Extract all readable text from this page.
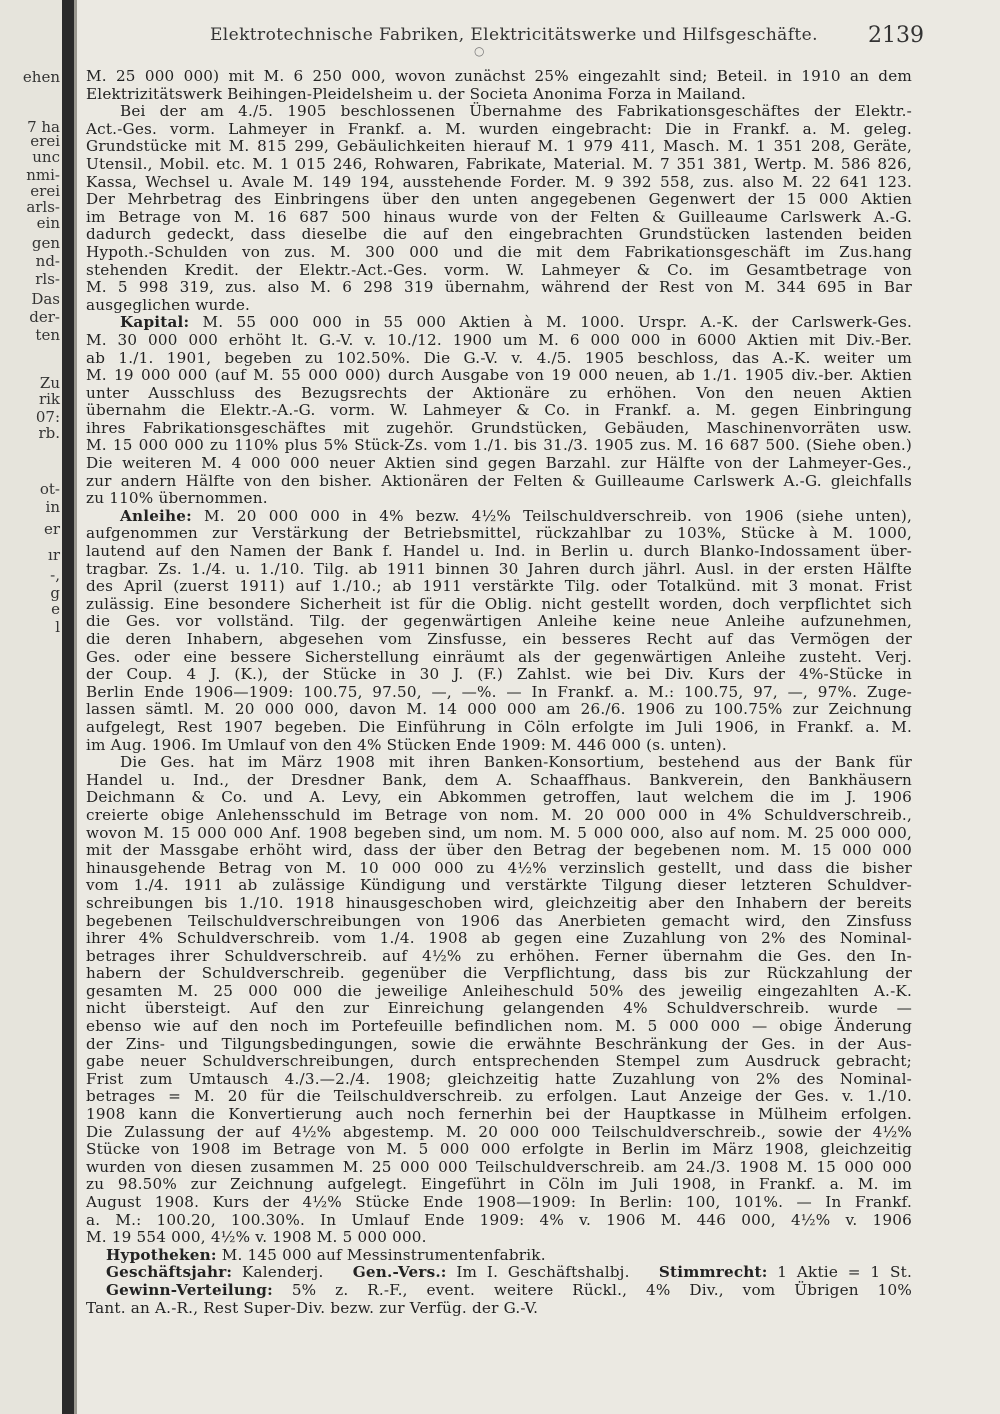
ehen
7 ha
erei
unc
nmi-
erei
arls-
ein
gen
nd-
rls-
Das
der-
ten
Zu
rik
07:
rb.
ot-
in
er
ır
-,
g
e
l
Elektrotechnische Fabriken, Elektricitätswerke und Hilfsgeschäfte. 2139
○
M. 25 000 000) mit M. 6 250 000, wovon zunächst 25% eingezahlt sind; Beteil. in 1910 an dem
Elektrizitätswerk Beihingen-Pleidelsheim u. der Societa Anonima Forza in Mailand.
Bei der am 4./5. 1905 beschlossenen Übernahme des Fabrikationsgeschäftes der Elektr.-
Act.-Ges. vorm. Lahmeyer in Frankf. a. M. wurden eingebracht: Die in Frankf. a. M. geleg.
Grundstücke mit M. 815 299, Gebäulichkeiten hierauf M. 1 979 411, Masch. M. 1 351 208, Geräte,
Utensil., Mobil. etc. M. 1 015 246, Rohwaren, Fabrikate, Material. M. 7 351 381, Wertp. M. 586 826,
Kassa, Wechsel u. Avale M. 149 194, ausstehende Forder. M. 9 392 558, zus. also M. 22 641 123.
Der Mehrbetrag des Einbringens über den unten angegebenen Gegenwert der 15 000 Aktien
im Betrage von M. 16 687 500 hinaus wurde von der Felten & Guilleaume Carlswerk A.-G.
dadurch gedeckt, dass dieselbe die auf den eingebrachten Grundstücken lastenden beiden
Hypoth.-Schulden von zus. M. 300 000 und die mit dem Fabrikationsgeschäft im Zus.hang
stehenden Kredit. der Elektr.-Act.-Ges. vorm. W. Lahmeyer & Co. im Gesamtbetrage von
M. 5 998 319, zus. also M. 6 298 319 übernahm, während der Rest von M. 344 695 in Bar
ausgeglichen wurde.
Kapital: M. 55 000 000 in 55 000 Aktien à M. 1000. Urspr. A.-K. der Carlswerk-Ges.
M. 30 000 000 erhöht lt. G.-V. v. 10./12. 1900 um M. 6 000 000 in 6000 Aktien mit Div.-Ber.
ab 1./1. 1901, begeben zu 102.50%. Die G.-V. v. 4./5. 1905 beschloss, das A.-K. weiter um
M. 19 000 000 (auf M. 55 000 000) durch Ausgabe von 19 000 neuen, ab 1./1. 1905 div.-ber. Aktien
unter Ausschluss des Bezugsrechts der Aktionäre zu erhöhen. Von den neuen Aktien
übernahm die Elektr.-A.-G. vorm. W. Lahmeyer & Co. in Frankf. a. M. gegen Einbringung
ihres Fabrikationsgeschäftes mit zugehör. Grundstücken, Gebäuden, Maschinenvorräten usw.
M. 15 000 000 zu 110% plus 5% Stück-Zs. vom 1./1. bis 31./3. 1905 zus. M. 16 687 500. (Siehe oben.)
Die weiteren M. 4 000 000 neuer Aktien sind gegen Barzahl. zur Hälfte von der Lahmeyer-Ges.,
zur andern Hälfte von den bisher. Aktionären der Felten & Guilleaume Carlswerk A.-G. gleichfalls
zu 110% übernommen.
Anleihe: M. 20 000 000 in 4% bezw. 4½% Teilschuldverschreib. von 1906 (siehe unten),
aufgenommen zur Verstärkung der Betriebsmittel, rückzahlbar zu 103%, Stücke à M. 1000,
lautend auf den Namen der Bank f. Handel u. Ind. in Berlin u. durch Blanko-Indossament über-
tragbar. Zs. 1./4. u. 1./10. Tilg. ab 1911 binnen 30 Jahren durch jährl. Ausl. in der ersten Hälfte
des April (zuerst 1911) auf 1./10.; ab 1911 verstärkte Tilg. oder Totalkünd. mit 3 monat. Frist
zulässig. Eine besondere Sicherheit ist für die Oblig. nicht gestellt worden, doch verpflichtet sich
die Ges. vor vollständ. Tilg. der gegenwärtigen Anleihe keine neue Anleihe aufzunehmen,
die deren Inhabern, abgesehen vom Zinsfusse, ein besseres Recht auf das Vermögen der
Ges. oder eine bessere Sicherstellung einräumt als der gegenwärtigen Anleihe zusteht. Verj.
der Coup. 4 J. (K.), der Stücke in 30 J. (F.) Zahlst. wie bei Div. Kurs der 4%-Stücke in
Berlin Ende 1906—1909: 100.75, 97.50, —, —%. — In Frankf. a. M.: 100.75, 97, —, 97%. Zuge-
lassen sämtl. M. 20 000 000, davon M. 14 000 000 am 26./6. 1906 zu 100.75% zur Zeichnung
aufgelegt, Rest 1907 begeben. Die Einführung in Cöln erfolgte im Juli 1906, in Frankf. a. M.
im Aug. 1906. Im Umlauf von den 4% Stücken Ende 1909: M. 446 000 (s. unten).
Die Ges. hat im März 1908 mit ihren Banken-Konsortium, bestehend aus der Bank für
Handel u. Ind., der Dresdner Bank, dem A. Schaaffhaus. Bankverein, den Bankhäusern
Deichmann & Co. und A. Levy, ein Abkommen getroffen, laut welchem die im J. 1906
creierte obige Anlehensschuld im Betrage von nom. M. 20 000 000 in 4% Schuldverschreib.,
wovon M. 15 000 000 Anf. 1908 begeben sind, um nom. M. 5 000 000, also auf nom. M. 25 000 000,
mit der Massgabe erhöht wird, dass der über den Betrag der begebenen nom. M. 15 000 000
hinausgehende Betrag von M. 10 000 000 zu 4½% verzinslich gestellt, und dass die bisher
vom 1./4. 1911 ab zulässige Kündigung und verstärkte Tilgung dieser letzteren Schuldver-
schreibungen bis 1./10. 1918 hinausgeschoben wird, gleichzeitig aber den Inhabern der bereits
begebenen Teilschuldverschreibungen von 1906 das Anerbieten gemacht wird, den Zinsfuss
ihrer 4% Schuldverschreib. vom 1./4. 1908 ab gegen eine Zuzahlung von 2% des Nominal-
betrages ihrer Schuldverschreib. auf 4½% zu erhöhen. Ferner übernahm die Ges. den In-
habern der Schuldverschreib. gegenüber die Verpflichtung, dass bis zur Rückzahlung der
gesamten M. 25 000 000 die jeweilige Anleiheschuld 50% des jeweilig eingezahlten A.-K.
nicht übersteigt. Auf den zur Einreichung gelangenden 4% Schuldverschreib. wurde —
ebenso wie auf den noch im Portefeuille befindlichen nom. M. 5 000 000 — obige Änderung
der Zins- und Tilgungsbedingungen, sowie die erwähnte Beschränkung der Ges. in der Aus-
gabe neuer Schuldverschreibungen, durch entsprechenden Stempel zum Ausdruck gebracht;
Frist zum Umtausch 4./3.—2./4. 1908; gleichzeitig hatte Zuzahlung von 2% des Nominal-
betrages = M. 20 für die Teilschuldverschreib. zu erfolgen. Laut Anzeige der Ges. v. 1./10.
1908 kann die Konvertierung auch noch fernerhin bei der Hauptkasse in Mülheim erfolgen.
Die Zulassung der auf 4½% abgestemp. M. 20 000 000 Teilschuldverschreib., sowie der 4½%
Stücke von 1908 im Betrage von M. 5 000 000 erfolgte in Berlin im März 1908, gleichzeitig
wurden von diesen zusammen M. 25 000 000 Teilschuldverschreib. am 24./3. 1908 M. 15 000 000
zu 98.50% zur Zeichnung aufgelegt. Eingeführt in Cöln im Juli 1908, in Frankf. a. M. im
August 1908. Kurs der 4½% Stücke Ende 1908—1909: In Berlin: 100, 101%. — In Frankf.
a. M.: 100.20, 100.30%. In Umlauf Ende 1909: 4% v. 1906 M. 446 000, 4½% v. 1906
M. 19 554 000, 4½% v. 1908 M. 5 000 000.
Hypotheken: M. 145 000 auf Messinstrumentenfabrik.
Geschäftsjahr: Kalenderj. Gen.-Vers.: Im I. Geschäftshalbj. Stimmrecht: 1 Aktie = 1 St.
Gewinn-Verteilung: 5% z. R.-F., event. weitere Rückl., 4% Div., vom Übrigen 10%
Tant. an A.-R., Rest Super-Div. bezw. zur Verfüg. der G.-V.
